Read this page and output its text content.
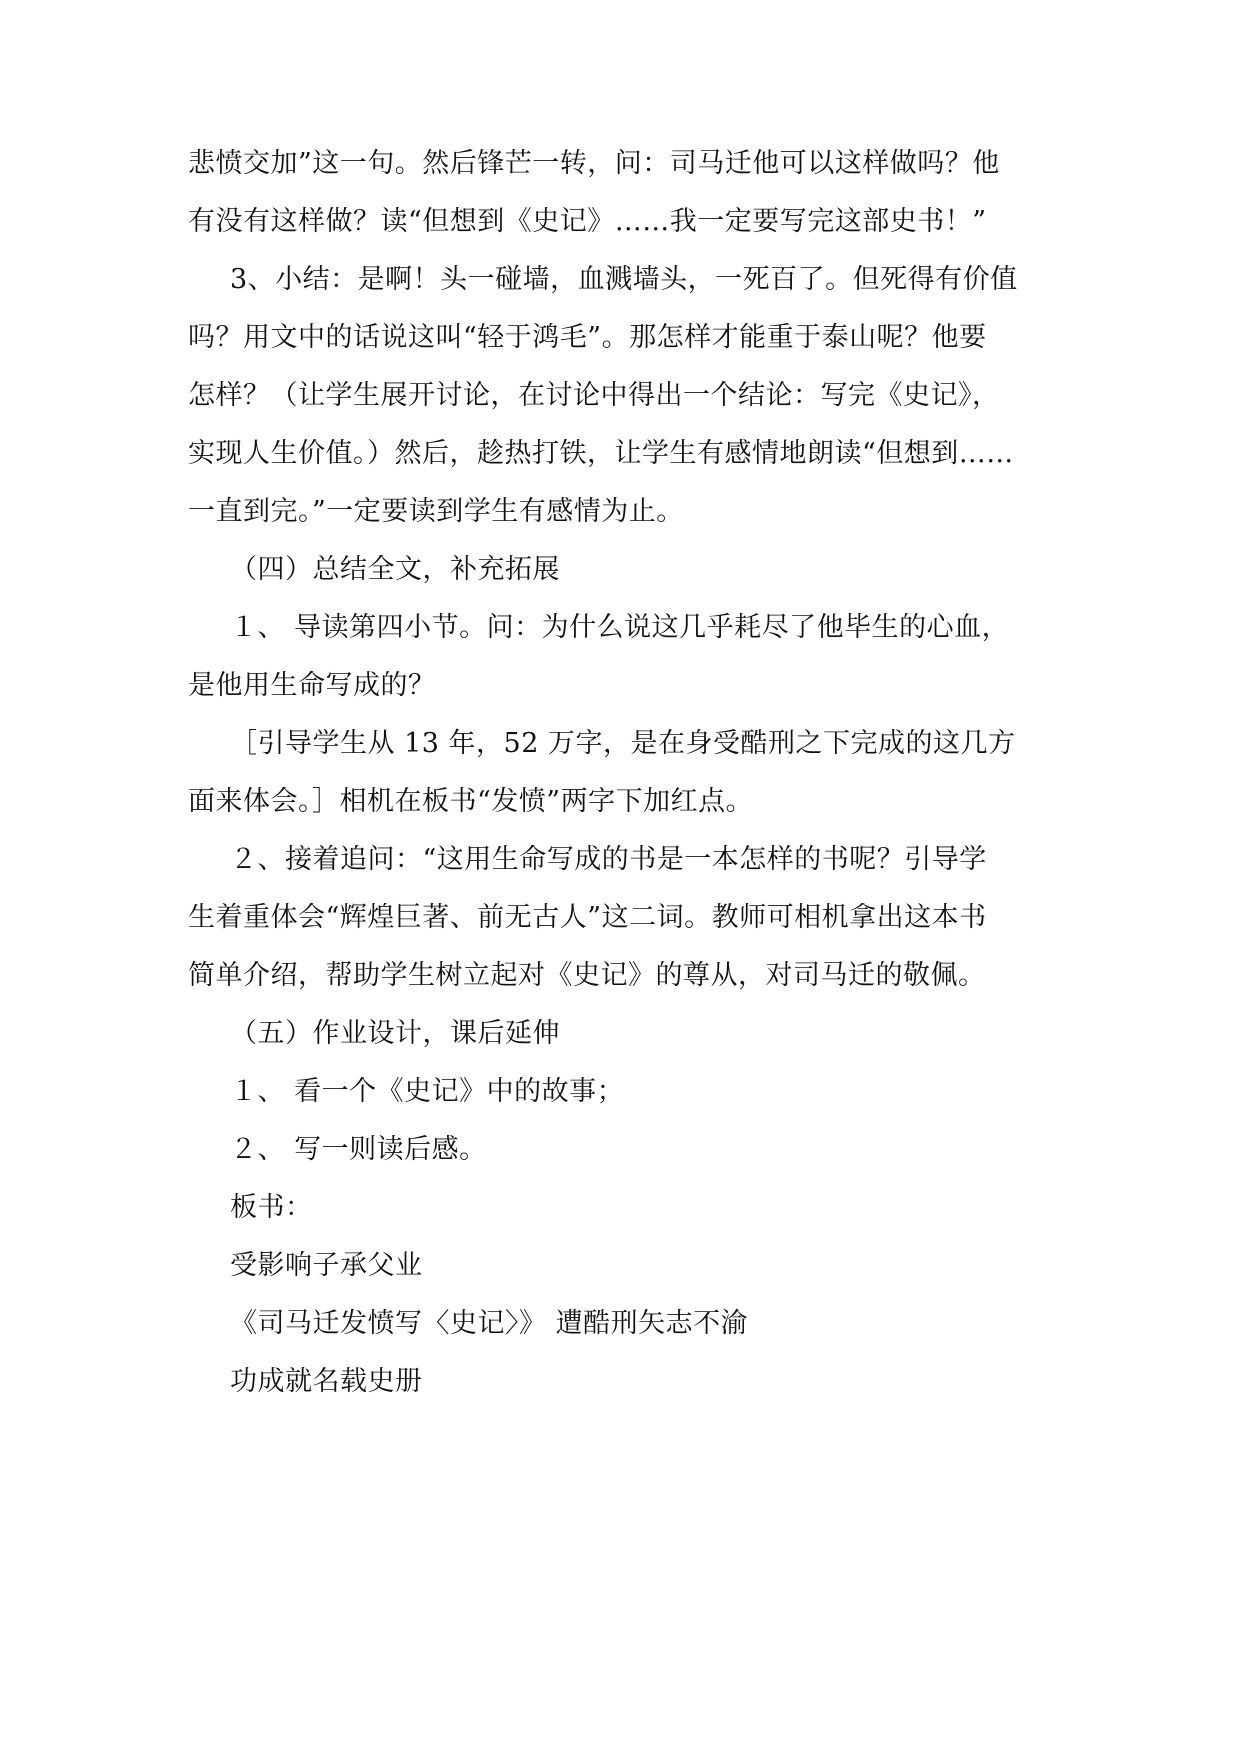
悲愤交加”这一句。然后锋芒一转，问：司马迁他可以这样做吗？他
有没有这样做？读“但想到《史记》……我一定要写完这部史书！”
3、小结：是啊！头一碰墙，血溅墙头，一死百了。但死得有价值
吗？用文中的话说这叫“轻于鸿毛”。那怎样才能重于泰山呢？他要
怎样？（让学生展开讨论，在讨论中得出一个结论：写完《史记》，
实现人生价值。）然后，趁热打铁，让学生有感情地朗读“但想到……
一直到完。”一定要读到学生有感情为止。
（四）总结全文，补充拓展
１、 导读第四小节。问：为什么说这几乎耗尽了他毕生的心血，
是他用生命写成的？
［引导学生从 13 年，52 万字，是在身受酷刑之下完成的这几方
面来体会。］相机在板书“发愤”两字下加红点。
２、接着追问：“这用生命写成的书是一本怎样的书呢？引导学
生着重体会“辉煌巨著、前无古人”这二词。教师可相机拿出这本书
简单介绍，帮助学生树立起对《史记》的尊从，对司马迁的敬佩。
（五）作业设计，课后延伸
１、 看一个《史记》中的故事；
２、 写一则读后感。
板书：
受影响子承父业
《司马迁发愤写〈史记〉》 遭酷刑矢志不渝
功成就名载史册
